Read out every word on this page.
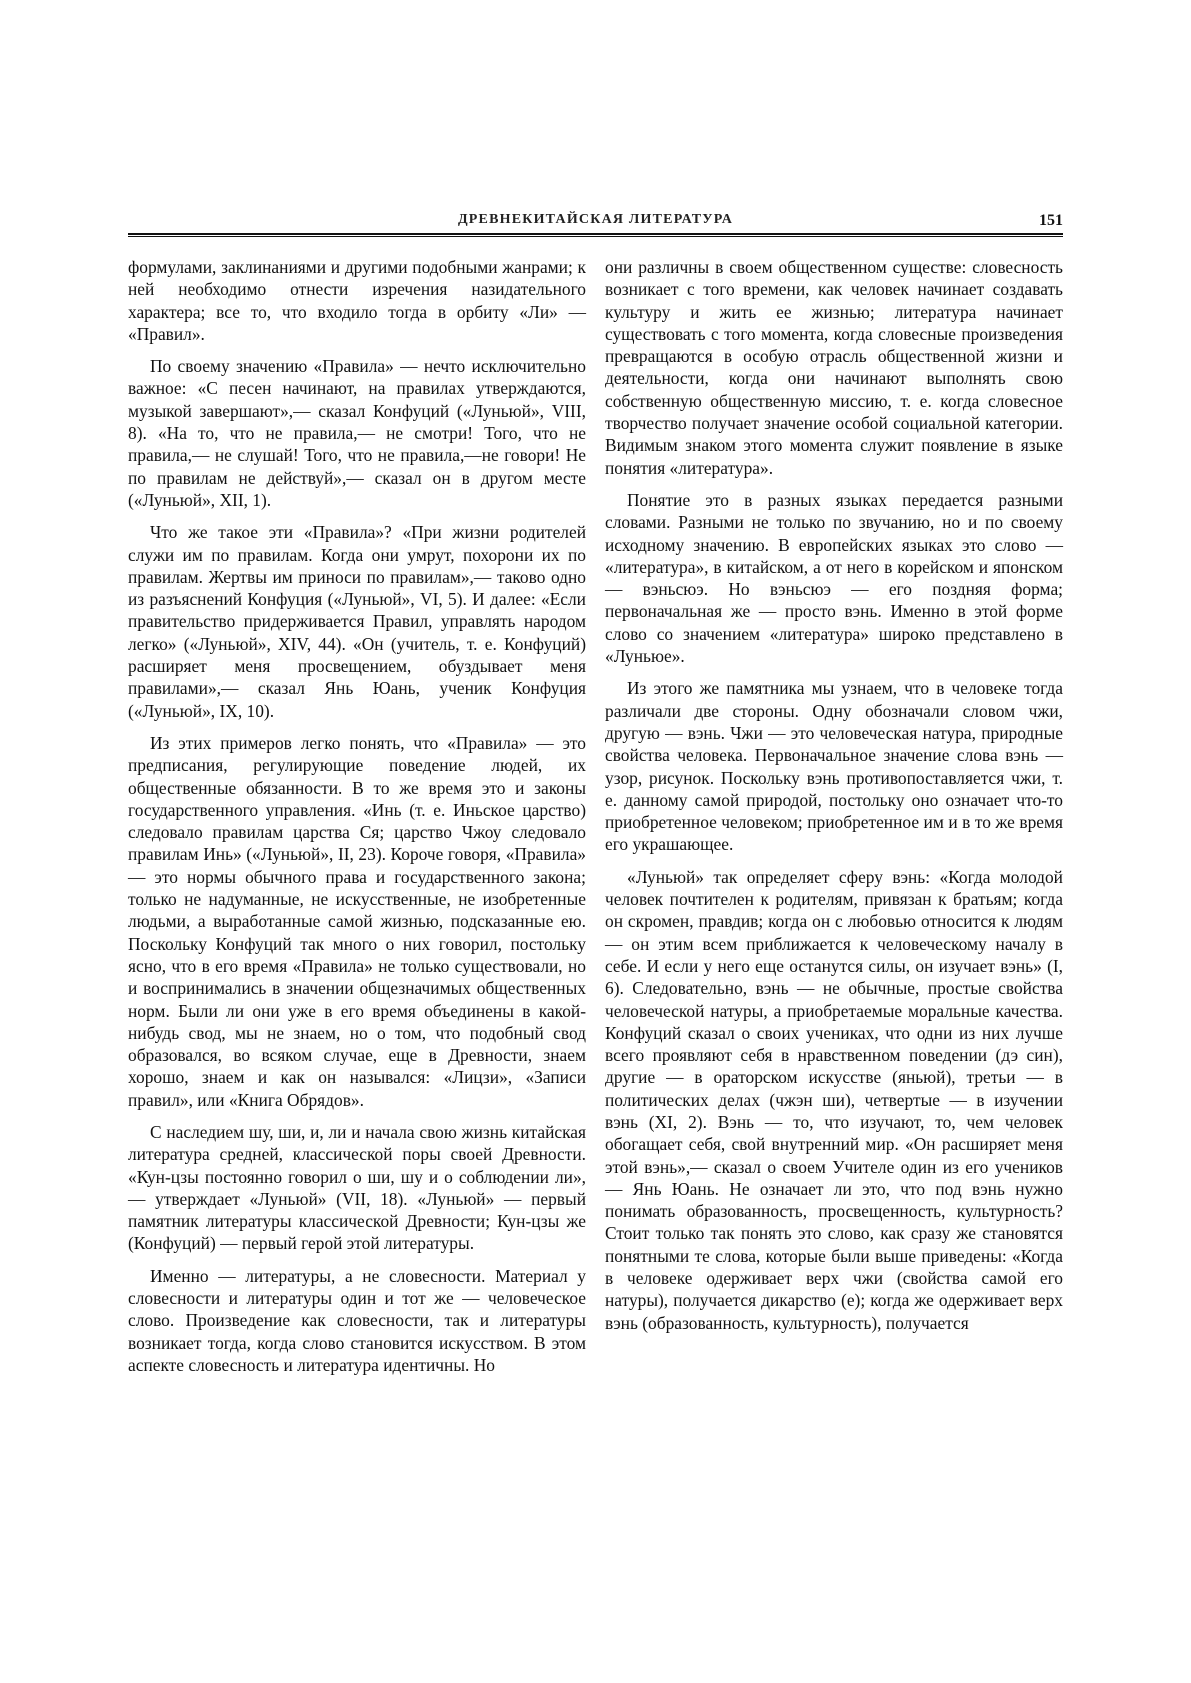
ДРЕВНЕКИТАЙСКАЯ ЛИТЕРАТУРА	151

формулами, заклинаниями и другими подобными жанрами; к ней необходимо отнести изречения назидательного характера; все то, что входило тогда в орбиту «Ли» — «Правил».

По своему значению «Правила» — нечто исключительно важное: «С песен начинают, на правилах утверждаются, музыкой завершают»,— сказал Конфуций («Луньюй», VIII, 8). «На то, что не правила,— не смотри! Того, что не правила,— не слушай! Того, что не правила,—не говори! Не по правилам не действуй»,— сказал он в другом месте («Луньюй», XII, 1).

Что же такое эти «Правила»? «При жизни родителей служи им по правилам. Когда они умрут, похорони их по правилам. Жертвы им приноси по правилам»,— таково одно из разъяснений Конфуция («Луньюй», VI, 5). И далее: «Если правительство придерживается Правил, управлять народом легко» («Луньюй», XIV, 44). «Он (учитель, т. е. Конфуций) расширяет меня просвещением, обуздывает меня правилами»,— сказал Янь Юань, ученик Конфуция («Луньюй», IX, 10).

Из этих примеров легко понять, что «Правила» — это предписания, регулирующие поведение людей, их общественные обязанности. В то же время это и законы государственного управления. «Инь (т. е. Иньское царство) следовало правилам царства Ся; царство Чжоу следовало правилам Инь» («Луньюй», II, 23). Короче говоря, «Правила» — это нормы обычного права и государственного закона; только не надуманные, не искусственные, не изобретенные людьми, а выработанные самой жизнью, подсказанные ею. Поскольку Конфуций так много о них говорил, постольку ясно, что в его время «Правила» не только существовали, но и воспринимались в значении общезначимых общественных норм. Были ли они уже в его время объединены в какой-нибудь свод, мы не знаем, но о том, что подобный свод образовался, во всяком случае, еще в Древности, знаем хорошо, знаем и как он назывался: «Лицзи», «Записи правил», или «Книга Обрядов».

С наследием шу, ши, и, ли и начала свою жизнь китайская литература средней, классической поры своей Древности. «Кун-цзы постоянно говорил о ши, шу и о соблюдении ли»,— утверждает «Луньюй» (VII, 18). «Луньюй» — первый памятник литературы классической Древности; Кун-цзы же (Конфуций) — первый герой этой литературы.

Именно — литературы, а не словесности. Материал у словесности и литературы один и тот же — человеческое слово. Произведение как словесности, так и литературы возникает тогда, когда слово становится искусством. В этом аспекте словесность и литература идентичны. Но

они различны в своем общественном существе: словесность возникает с того времени, как человек начинает создавать культуру и жить ее жизнью; литература начинает существовать с того момента, когда словесные произведения превращаются в особую отрасль общественной жизни и деятельности, когда они начинают выполнять свою собственную общественную миссию, т. е. когда словесное творчество получает значение особой социальной категории. Видимым знаком этого момента служит появление в языке понятия «литература».

Понятие это в разных языках передается разными словами. Разными не только по звучанию, но и по своему исходному значению. В европейских языках это слово — «литература», в китайском, а от него в корейском и японском — вэньсюэ. Но вэньсюэ — его поздняя форма; первоначальная же — просто вэнь. Именно в этой форме слово со значением «литература» широко представлено в «Луньюе».

Из этого же памятника мы узнаем, что в человеке тогда различали две стороны. Одну обозначали словом чжи, другую — вэнь. Чжи — это человеческая натура, природные свойства человека. Первоначальное значение слова вэнь — узор, рисунок. Поскольку вэнь противопоставляется чжи, т. е. данному самой природой, постольку оно означает что-то приобретенное человеком; приобретенное им и в то же время его украшающее.

«Луньюй» так определяет сферу вэнь: «Когда молодой человек почтителен к родителям, привязан к братьям; когда он скромен, правдив; когда он с любовью относится к людям — он этим всем приближается к человеческому началу в себе. И если у него еще останутся силы, он изучает вэнь» (I, 6). Следовательно, вэнь — не обычные, простые свойства человеческой натуры, а приобретаемые моральные качества. Конфуций сказал о своих учениках, что одни из них лучше всего проявляют себя в нравственном поведении (дэ син), другие — в ораторском искусстве (яньюй), третьи — в политических делах (чжэн ши), четвертые — в изучении вэнь (XI, 2). Вэнь — то, что изучают, то, чем человек обогащает себя, свой внутренний мир. «Он расширяет меня этой вэнь»,— сказал о своем Учителе один из его учеников — Янь Юань. Не означает ли это, что под вэнь нужно понимать образованность, просвещенность, культурность? Стоит только так понять это слово, как сразу же становятся понятными те слова, которые были выше приведены: «Когда в человеке одерживает верх чжи (свойства самой его натуры), получается дикарство (е); когда же одерживает верх вэнь (образованность, культурность), получается
